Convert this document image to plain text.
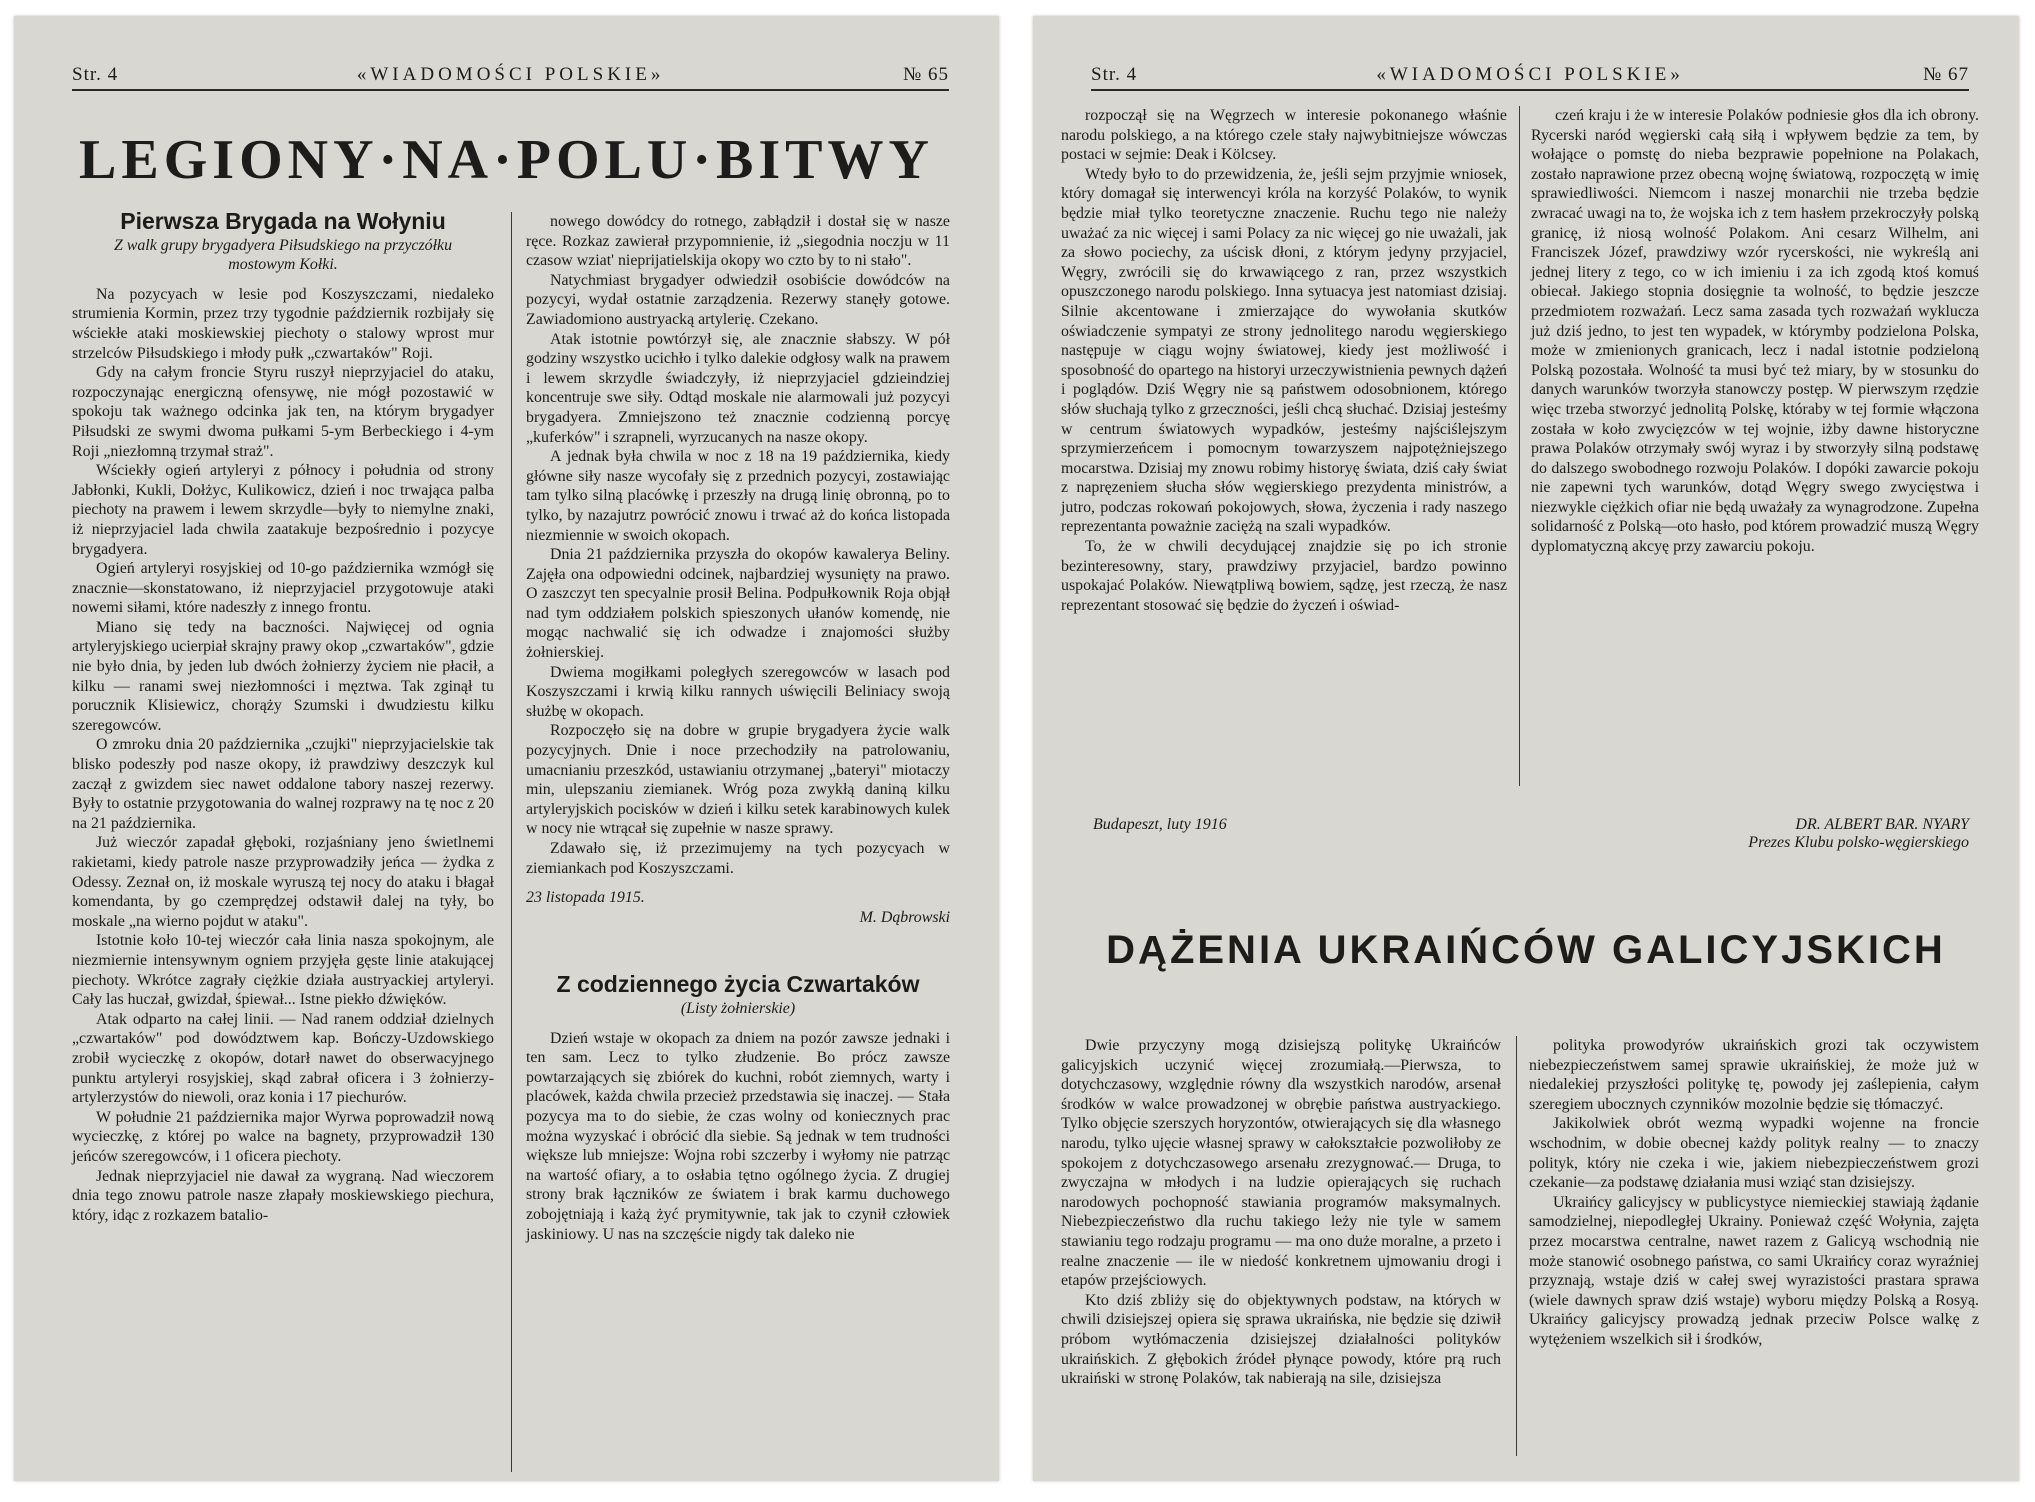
Str. 4	«WIADOMOŚCI POLSKIE»	№ 65
LEGIONY·NA·POLU·BITWY
Pierwsza Brygada na Wołyniu
Z walk grupy brygadyera Piłsudskiego na przyczółku mostowym Kołki.

Na pozycyach w lesie pod Koszyszczami, niedaleko strumienia Kormin, przez trzy tygodnie październik rozbijały się wściekłe ataki moskiewskiej piechoty o stalowy wprost mur strzelców Piłsudskiego i młody pułk „czwartaków" Roji.

Gdy na całym froncie Styru ruszył nieprzyjaciel do ataku, rozpoczynając energiczną ofensywę, nie mógł pozostawić w spokoju tak ważnego odcinka jak ten, na którym brygadyer Piłsudski ze swymi dwoma pułkami 5-ym Berbeckiego i 4-ym Roji „niezłomną trzymał straż".

Wściekły ogień artyleryi z północy i południa od strony Jabłonki, Kukli, Dołżyc, Kulikowicz, dzień i noc trwająca palba piechoty na prawem i lewem skrzydle—były to niemylne znaki, iż nieprzyjaciel lada chwila zaatakuje bezpośrednio i pozycye brygadyera.

Ogień artyleryi rosyjskiej od 10-go października wzmógł się znacznie—skonstatowano, iż nieprzyjaciel przygotowuje ataki nowemi siłami, które nadeszły z innego frontu.

Miano się tedy na baczności. Najwięcej od ognia artyleryjskiego ucierpiał skrajny prawy okop „czwartaków", gdzie nie było dnia, by jeden lub dwóch żołnierzy życiem nie płacił, a kilku — ranami swej niezłomności i męztwa. Tak zginął tu porucznik Klisiewicz, chorąży Szumski i dwudziestu kilku szeregowców.

O zmroku dnia 20 października „czujki" nieprzyjacielskie tak blisko podeszły pod nasze okopy, iż prawdziwy deszczyk kul zaczął z gwizdem siec nawet oddalone tabory naszej rezerwy. Były to ostatnie przygotowania do walnej rozprawy na tę noc z 20 na 21 października.

Już wieczór zapadał głęboki, rozjaśniany jeno świetlnemi rakietami, kiedy patrole nasze przyprowadziły jeńca — żydka z Odessy. Zeznał on, iż moskale wyruszą tej nocy do ataku i błagał komendanta, by go czemprędzej odstawił dalej na tyły, bo moskale „na wierno pojdut w ataku".

Istotnie koło 10-tej wieczór cała linia nasza spokojnym, ale niezmiernie intensywnym ogniem przyjęła gęste linie atakującej piechoty. Wkrótce zagrały ciężkie działa austryackiej artyleryi. Cały las huczał, gwizdał, śpiewał... Istne piekło dźwięków.

Atak odparto na całej linii. — Nad ranem oddział dzielnych „czwartaków" pod dowództwem kap. Bończy-Uzdowskiego zrobił wycieczkę z okopów, dotarł nawet do obserwacyjnego punktu artyleryi rosyjskiej, skąd zabrał oficera i 3 żołnierzy-artylerzystów do niewoli, oraz konia i 17 piechurów.

W południe 21 października major Wyrwa poprowadził nową wycieczkę, z której po walce na bagnety, przyprowadził 130 jeńców szeregowców, i 1 oficera piechoty.

Jednak nieprzyjaciel nie dawał za wygraną. Nad wieczorem dnia tego znowu patrole nasze złapały moskiewskiego piechura, który, idąc z rozkazem batalio-

nowego dowódcy do rotnego, zabłądził i dostał się w nasze ręce. Rozkaz zawierał przypomnienie, iż „siegodnia noczju w 11 czasow wziat' nieprijatielskija okopy wo czto by to ni stało".

Natychmiast brygadyer odwiedził osobiście dowódców na pozycyi, wydał ostatnie zarządzenia. Rezerwy stanęły gotowe. Zawiadomiono austryacką artylerię. Czekano.

Atak istotnie powtórzył się, ale znacznie słabszy. W pół godziny wszystko ucichło i tylko dalekie odgłosy walk na prawem i lewem skrzydle świadczyły, iż nieprzyjaciel gdzieindziej koncentruje swe siły. Odtąd moskale nie alarmowali już pozycyi brygadyera. Zmniejszono też znacznie codzienną porcyę „kuferków" i szrapneli, wyrzucanych na nasze okopy.

A jednak była chwila w noc z 18 na 19 października, kiedy główne siły nasze wycofały się z przednich pozycyi, zostawiając tam tylko silną placówkę i przeszły na drugą linię obronną, po to tylko, by nazajutrz powrócić znowu i trwać aż do końca listopada niezmiennie w swoich okopach.

Dnia 21 października przyszła do okopów kawalerya Beliny. Zajęła ona odpowiedni odcinek, najbardziej wysunięty na prawo. O zaszczyt ten specyalnie prosił Belina. Podpułkownik Roja objął nad tym oddziałem polskich spieszonych ułanów komendę, nie mogąc nachwalić się ich odwadze i znajomości służby żołnierskiej.

Dwiema mogiłkami poległych szeregowców w lasach pod Koszyszczami i krwią kilku rannych uświęcili Beliniacy swoją służbę w okopach.

Rozpoczęło się na dobre w grupie brygadyera życie walk pozycyjnych. Dnie i noce przechodziły na patrolowaniu, umacnianiu przeszkód, ustawianiu otrzymanej „bateryi" miotaczy min, ulepszaniu ziemianek. Wróg poza zwykłą daniną kilku artyleryjskich pocisków w dzień i kilku setek karabinowych kulek w nocy nie wtrącał się zupełnie w nasze sprawy.

Zdawało się, iż przezimujemy na tych pozycyach w ziemiankach pod Koszyszczami.

23 listopada 1915.
M. Dąbrowski
Z codziennego życia Czwartaków
(Listy żołnierskie)

Dzień wstaje w okopach za dniem na pozór zawsze jednaki i ten sam. Lecz to tylko złudzenie. Bo prócz zawsze powtarzających się zbiórek do kuchni, robót ziemnych, warty i placówek, każda chwila przecież przedstawia się inaczej. — Stała pozycya ma to do siebie, że czas wolny od koniecznych prac można wyzyskać i obrócić dla siebie. Są jednak w tem trudności większe lub mniejsze: Wojna robi szczerby i wyłomy nie patrząc na wartość ofiary, a to osłabia tętno ogólnego życia. Z drugiej strony brak łączników ze światem i brak karmu duchowego zobojętniają i każą żyć prymitywnie, tak jak to czynił człowiek jaskiniowy. U nas na szczęście nigdy tak daleko nie

Str. 4	«WIADOMOŚCI POLSKIE»	№ 67

rozpoczął się na Węgrzech w interesie pokonanego właśnie narodu polskiego, a na którego czele stały najwybitniejsze wówczas postaci w sejmie: Deak i Kölcsey.

Wtedy było to do przewidzenia, że, jeśli sejm przyjmie wniosek, który domagał się interwencyi króla na korzyść Polaków, to wynik będzie miał tylko teoretyczne znaczenie. Ruchu tego nie należy uważać za nic więcej i sami Polacy za nic więcej go nie uważali, jak za słowo pociechy, za uścisk dłoni, z którym jedyny przyjaciel, Węgry, zwrócili się do krwawiącego z ran, przez wszystkich opuszczonego narodu polskiego. Inna sytuacya jest natomiast dzisiaj. Silnie akcentowane i zmierzające do wywołania skutków oświadczenie sympatyi ze strony jednolitego narodu węgierskiego następuje w ciągu wojny światowej, kiedy jest możliwość i sposobność do opartego na historyi urzeczywistnienia pewnych dążeń i poglądów. Dziś Węgry nie są państwem odosobnionem, którego słów słuchają tylko z grzeczności, jeśli chcą słuchać. Dzisiaj jesteśmy w centrum światowych wypadków, jesteśmy najściślejszym sprzymierzeńcem i pomocnym towarzyszem najpotężniejszego mocarstwa. Dzisiaj my znowu robimy historyę świata, dziś cały świat z napręzeniem słucha słów węgierskiego prezydenta ministrów, a jutro, podczas rokowań pokojowych, słowa, życzenia i rady naszego reprezentanta poważnie zaciężą na szali wypadków.

To, że w chwili decydującej znajdzie się po ich stronie bezinteresowny, stary, prawdziwy przyjaciel, bardzo powinno uspokajać Polaków. Niewątpliwą bowiem, sądzę, jest rzeczą, że nasz reprezentant stosować się będzie do życzeń i oświad-

czeń kraju i że w interesie Polaków podniesie głos dla ich obrony. Rycerski naród węgierski całą siłą i wpływem będzie za tem, by wołające o pomstę do nieba bezprawie popełnione na Polakach, zostało naprawione przez obecną wojnę światową, rozpoczętą w imię sprawiedliwości. Niemcom i naszej monarchii nie trzeba będzie zwracać uwagi na to, że wojska ich z tem hasłem przekroczyły polską granicę, iż niosą wolność Polakom. Ani cesarz Wilhelm, ani Franciszek Józef, prawdziwy wzór rycerskości, nie wykreślą ani jednej litery z tego, co w ich imieniu i za ich zgodą ktoś komuś obiecał. Jakiego stopnia dosięgnie ta wolność, to będzie jeszcze przedmiotem rozważań. Lecz sama zasada tych rozważań wyklucza już dziś jedno, to jest ten wypadek, w którymby podzielona Polska, może w zmienionych granicach, lecz i nadal istotnie podzieloną Polską pozostała. Wolność ta musi być też miary, by w stosunku do danych warunków tworzyła stanowczy postęp. W pierwszym rzędzie więc trzeba stworzyć jednolitą Polskę, któraby w tej formie włączona została w koło zwycięzców w tej wojnie, iżby dawne historyczne prawa Polaków otrzymały swój wyraz i by stworzyły silną podstawę do dalszego swobodnego rozwoju Polaków. I dopóki zawarcie pokoju nie zapewni tych warunków, dotąd Węgry swego zwycięstwa i niezwykle ciężkich ofiar nie będą uważały za wynagrodzone. Zupełna solidarność z Polską—oto hasło, pod którem prowadzić muszą Węgry dyplomatyczną akcyę przy zawarciu pokoju.

Budapeszt, luty 1916	DR. ALBERT BAR. NYARY
Prezes Klubu polsko-węgierskiego
DĄŻENIA UKRAIŃCÓW GALICYJSKICH

Dwie przyczyny mogą dzisiejszą politykę Ukraińców galicyjskich uczynić więcej zrozumiałą.—Pierwsza, to dotychczasowy, względnie równy dla wszystkich narodów, arsenał środków w walce prowadzonej w obrębie państwa austryackiego. Tylko objęcie szerszych horyzontów, otwierających się dla własnego narodu, tylko ujęcie własnej sprawy w całokształcie pozwoliłoby ze spokojem z dotychczasowego arsenału zrezygnować.— Druga, to zwyczajna w młodych i na ludzie opierających się ruchach narodowych pochopność stawiania programów maksymalnych. Niebezpieczeństwo dla ruchu takiego leży nie tyle w samem stawianiu tego rodzaju programu — ma ono duże moralne, a przeto i realne znaczenie — ile w niedość konkretnem ujmowaniu drogi i etapów przejściowych.

Kto dziś zbliży się do objektywnych podstaw, na których w chwili dzisiejszej opiera się sprawa ukraińska, nie będzie się dziwił próbom wytłómaczenia dzisiejszej działalności polityków ukraińskich. Z głębokich źródeł płynące powody, które prą ruch ukraiński w stronę Polaków, tak nabierają na sile, dzisiejsza

polityka prowodyrów ukraińskich grozi tak oczywistem niebezpieczeństwem samej sprawie ukraińskiej, że może już w niedalekiej przyszłości politykę tę, powody jej zaślepienia, całym szeregiem ubocznych czynników mozolnie będzie się tłómaczyć.

Jakikolwiek obrót wezmą wypadki wojenne na froncie wschodnim, w dobie obecnej każdy polityk realny — to znaczy polityk, który nie czeka i wie, jakiem niebezpieczeństwem grozi czekanie—za podstawę działania musi wziąć stan dzisiejszy.

Ukraińcy galicyjscy w publicystyce niemieckiej stawiają żądanie samodzielnej, niepodległej Ukrainy. Ponieważ część Wołynia, zajęta przez mocarstwa centralne, nawet razem z Galicyą wschodnią nie może stanowić osobnego państwa, co sami Ukraińcy coraz wyraźniej przyznają, wstaje dziś w całej swej wyrazistości prastara sprawa (wiele dawnych spraw dziś wstaje) wyboru między Polską a Rosyą. Ukraińcy galicyjscy prowadzą jednak przeciw Polsce walkę z wytężeniem wszelkich sił i środków,
